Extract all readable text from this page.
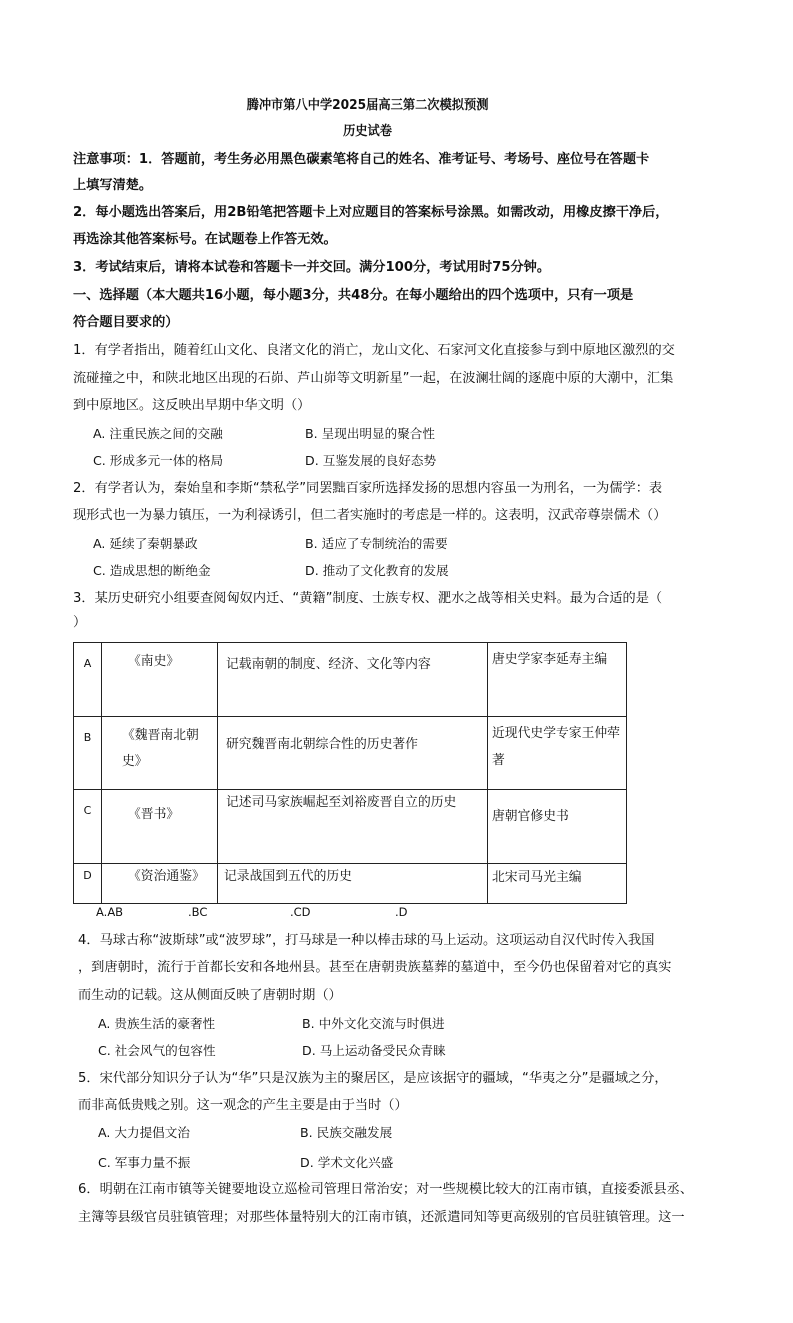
腾冲市第八中学2025届高三第二次模拟预测
历史试卷
注意事项：1．答题前，考生务必用黑色碳素笔将自己的姓名、准考证号、考场号、座位号在答题卡
上填写清楚。
2．每小题选出答案后，用2B铅笔把答题卡上对应题目的答案标号涂黑。如需改动，用橡皮擦干净后，
再选涂其他答案标号。在试题卷上作答无效。
3．考试结束后，请将本试卷和答题卡一并交回。满分100分，考试用时75分钟。
一、选择题（本大题共16小题，每小题3分，共48分。在每小题给出的四个选项中，只有一项是
符合题目要求的）
1．有学者指出，随着红山文化、良渚文化的消亡，龙山文化、石家河文化直接参与到中原地区激烈的交
流碰撞之中，和陕北地区出现的石峁、芦山峁等文明新星”一起，在波澜壮阔的逐鹿中原的大潮中，汇集
到中原地区。这反映出早期中华文明（）
A. 注重民族之间的交融	B. 呈现出明显的聚合性
C. 形成多元一体的格局	D. 互鉴发展的良好态势
2．有学者认为，秦始皇和李斯“禁私学”同罢黜百家所选择发扬的思想内容虽一为刑名，一为儒学：表
现形式也一为暴力镇压，一为利禄诱引，但二者实施时的考虑是一样的。这表明，汉武帝尊崇儒术（）
A. 延续了秦朝暴政	B. 适应了专制统治的需要
C. 造成思想的断绝金	D. 推动了文化教育的发展
3．某历史研究小组要查阅匈奴内迁、“黄籍”制度、士族专权、淝水之战等相关史料。最为合适的是（
）
A	《南史》	记载南朝的制度、经济、文化等内容	唐史学家李延寿主编
B	《魏晋南北朝史》	研究魏晋南北朝综合性的历史著作	近现代史学专家王仲荦著
C	《晋书》	记述司马家族崛起至刘裕废晋自立的历史	唐朝官修史书
D	《资治通鉴》	记录战国到五代的历史	北宋司马光主编
A.AB	.BC	.CD	.D
4．马球古称“波斯球”或“波罗球”，打马球是一种以棒击球的马上运动。这项运动自汉代时传入我国
，到唐朝时，流行于首都长安和各地州县。甚至在唐朝贵族墓葬的墓道中，至今仍也保留着对它的真实
而生动的记载。这从侧面反映了唐朝时期（）
A. 贵族生活的豪奢性	B. 中外文化交流与时俱进
C. 社会风气的包容性	D. 马上运动备受民众青睐
5．宋代部分知识分子认为“华”只是汉族为主的聚居区，是应该据守的疆域，“华夷之分”是疆域之分，
而非高低贵贱之别。这一观念的产生主要是由于当时（）
A. 大力提倡文治	B. 民族交融发展
C. 军事力量不振	D. 学术文化兴盛
6．明朝在江南市镇等关键要地设立巡检司管理日常治安；对一些规模比较大的江南市镇，直接委派县丞、
主簿等县级官员驻镇管理；对那些体量特别大的江南市镇，还派遣同知等更高级别的官员驻镇管理。这一
